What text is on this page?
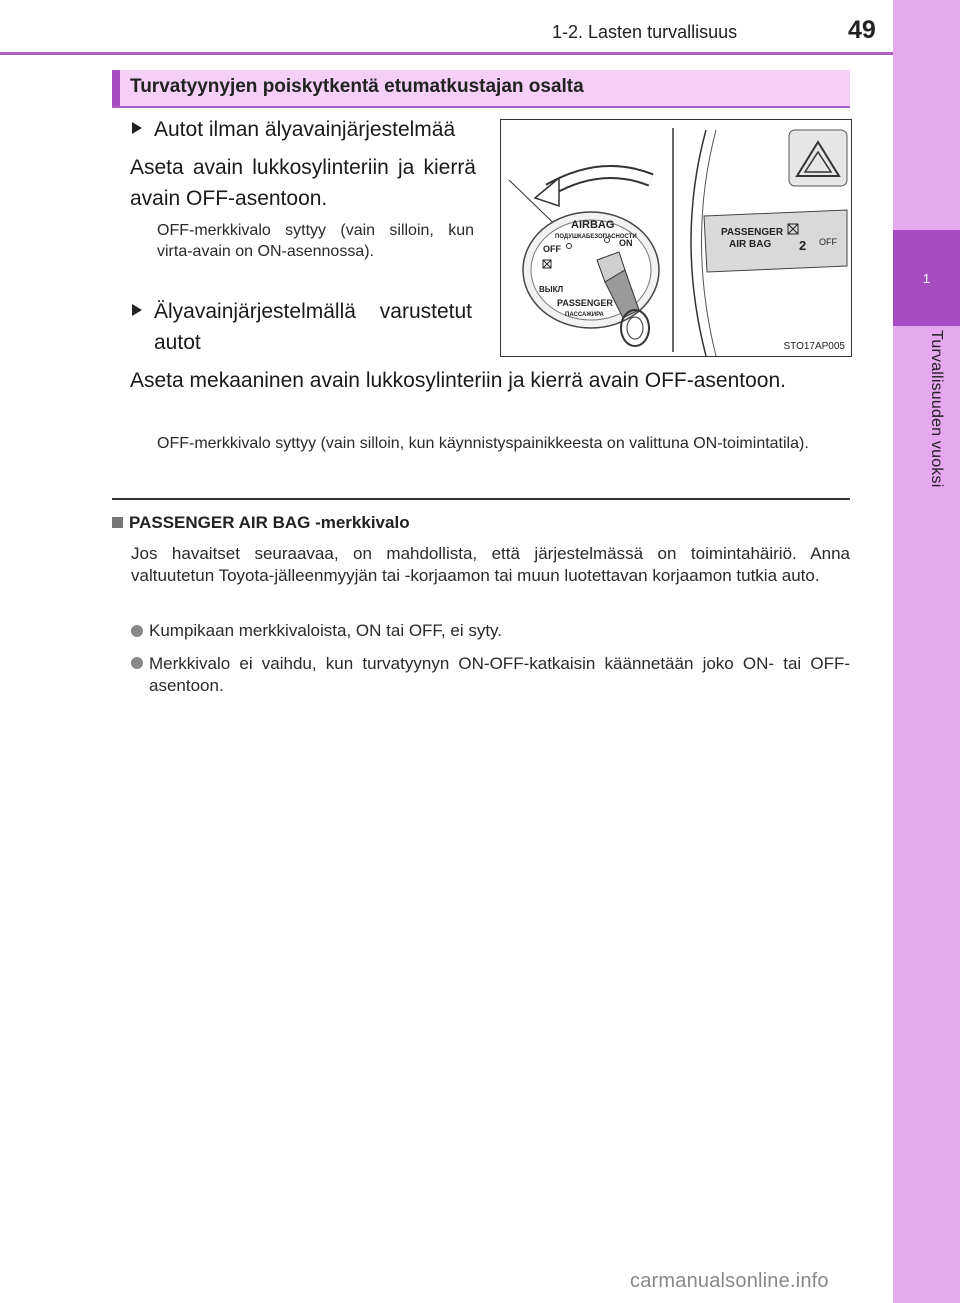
1-2. Lasten turvallisuus	49
1
Turvallisuuden vuoksi
Turvatyynyjen poiskytkentä etumatkustajan osalta
Autot ilman älyavainjärjestelmää
Aseta avain lukkosylinteriin ja kierrä avain OFF-asentoon.
OFF-merkkivalo syttyy (vain silloin, kun virta-avain on ON-asennossa).
Älyavainjärjestelmällä varustetut autot
Aseta mekaaninen avain lukkosylinteriin ja kierrä avain OFF-asentoon.
OFF-merkkivalo syttyy (vain silloin, kun käynnistyspainikkeesta on valittuna ON-toimintatila).
PASSENGER
AIR BAG	OFF
2
AIRBAG
ПОДУШКАБЕЗОПАСНОСТИ
OFF
ON
ВЫКЛ
PASSENGER
ПАССАЖИРА
STO17AP005
PASSENGER AIR BAG -merkkivalo
Jos havaitset seuraavaa, on mahdollista, että järjestelmässä on toimintahäiriö. Anna valtuutetun Toyota-jälleenmyyjän tai -korjaamon tai muun luotettavan korjaamon tutkia auto.
Kumpikaan merkkivaloista, ON tai OFF, ei syty.
Merkkivalo ei vaihdu, kun turvatyynyn ON-OFF-katkaisin käännetään joko ON- tai OFF-asentoon.
carmanualsonline.info
